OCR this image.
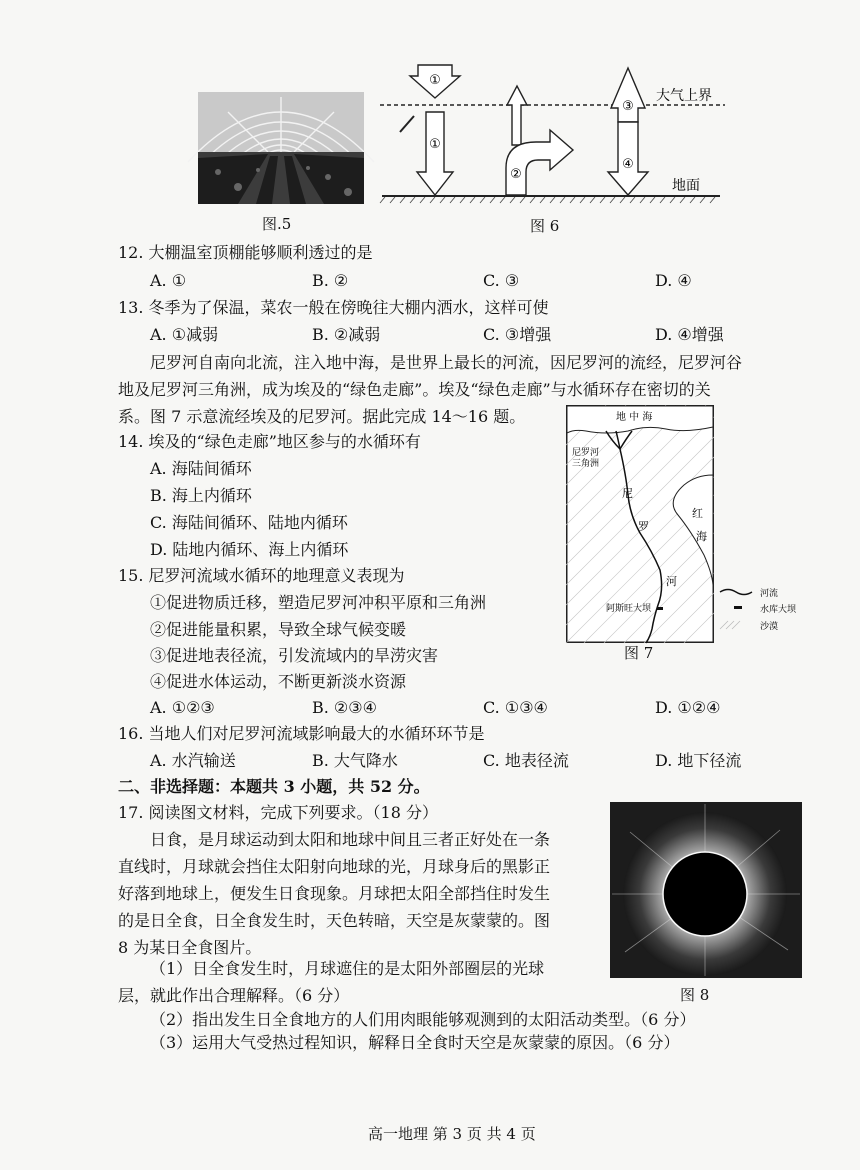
图.5
①
①
②
③
④
大气上界
地面
图 6
12. 大棚温室顶棚能够顺利透过的是
A. ①	B. ②	C. ③	D. ④
13. 冬季为了保温，菜农一般在傍晚往大棚内洒水，这样可使
A. ①减弱	B. ②减弱	C. ③增强	D. ④增强
尼罗河自南向北流，注入地中海，是世界上最长的河流，因尼罗河的流经，尼罗河谷
地及尼罗河三角洲，成为埃及的“绿色走廊”。埃及“绿色走廊”与水循环存在密切的关
系。图 7 示意流经埃及的尼罗河。据此完成 14～16 题。	地 中 海
尼罗河
三角洲
尼
罗
河
红
海
阿斯旺大坝
河流
水库大坝
沙漠
图 7
14. 埃及的“绿色走廊”地区参与的水循环有
A. 海陆间循环
B. 海上内循环
C. 海陆间循环、陆地内循环
D. 陆地内循环、海上内循环
15. 尼罗河流域水循环的地理意义表现为
①促进物质迁移，塑造尼罗河冲积平原和三角洲
②促进能量积累，导致全球气候变暖
③促进地表径流，引发流域内的旱涝灾害
④促进水体运动，不断更新淡水资源
A. ①②③	B. ②③④	C. ①③④	D. ①②④
16. 当地人们对尼罗河流域影响最大的水循环环节是
A. 水汽输送	B. 大气降水	C. 地表径流	D. 地下径流
二、非选择题：本题共 3 小题，共 52 分。
17. 阅读图文材料，完成下列要求。（18 分）
日食，是月球运动到太阳和地球中间且三者正好处在一条
直线时，月球就会挡住太阳射向地球的光，月球身后的黑影正
好落到地球上，便发生日食现象。月球把太阳全部挡住时发生
的是日全食，日全食发生时，天色转暗，天空是灰蒙蒙的。图
8 为某日全食图片。
（1）日全食发生时，月球遮住的是太阳外部圈层的光球
层，就此作出合理解释。（6 分）
（2）指出发生日全食地方的人们用肉眼能够观测到的太阳活动类型。（6 分）
（3）运用大气受热过程知识，解释日全食时天空是灰蒙蒙的原因。（6 分）
图 8
高一地理 第 3 页 共 4 页
